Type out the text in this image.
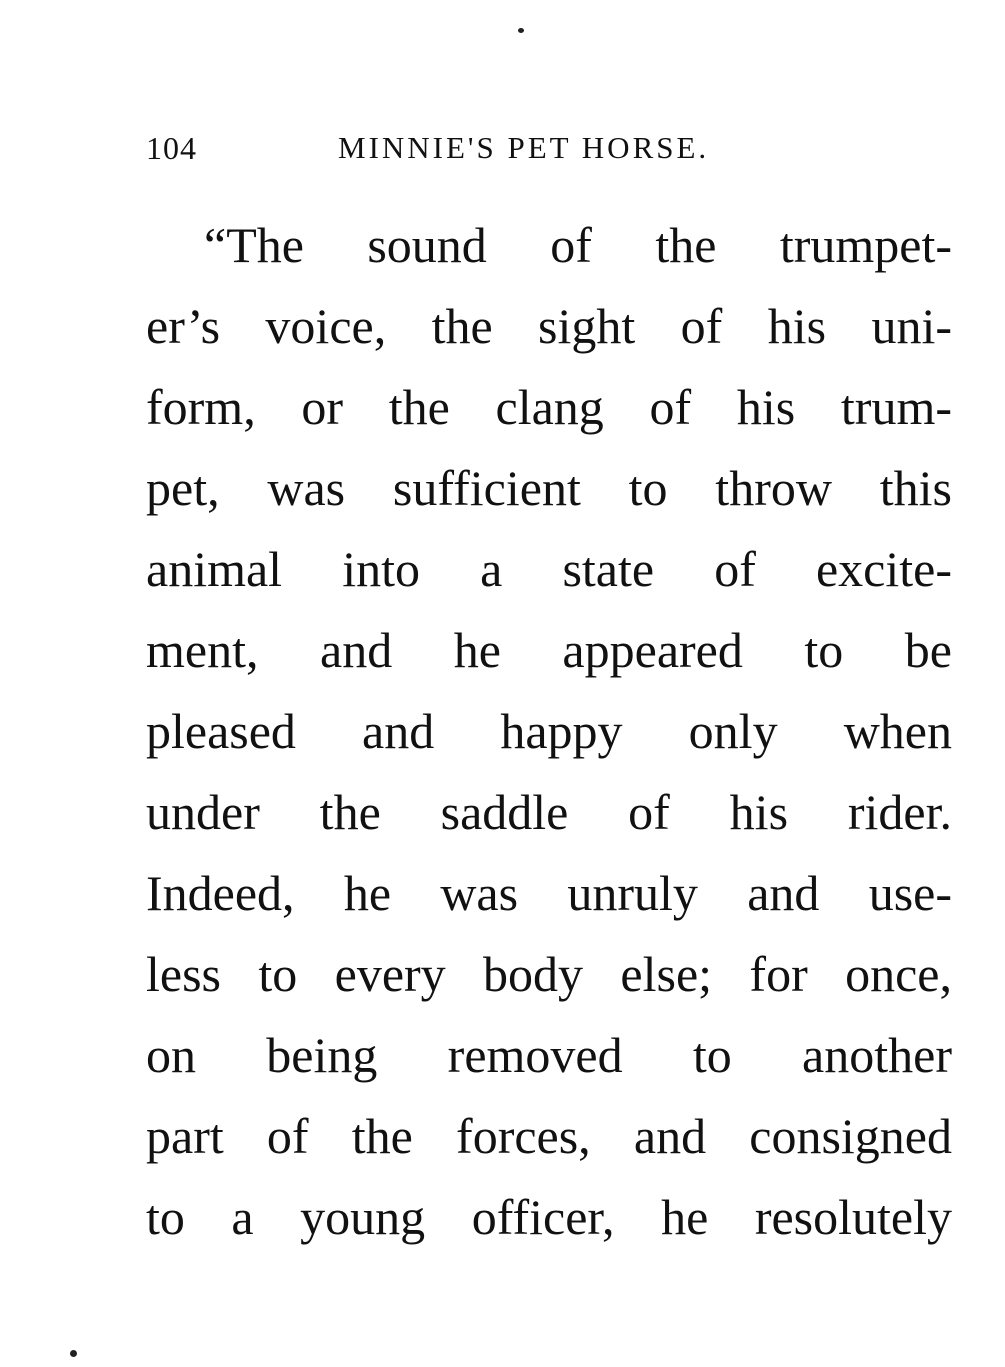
104	MINNIE'S PET HORSE.
“The sound of the trumpet-
er’s voice, the sight of his uni-
form, or the clang of his trum-
pet, was sufficient to throw this
animal into a state of excite-
ment, and he appeared to be
pleased and happy only when
under the saddle of his rider.
Indeed, he was unruly and use-
less to every body else; for once,
on being removed to another
part of the forces, and consigned
to a young officer, he resolutely
